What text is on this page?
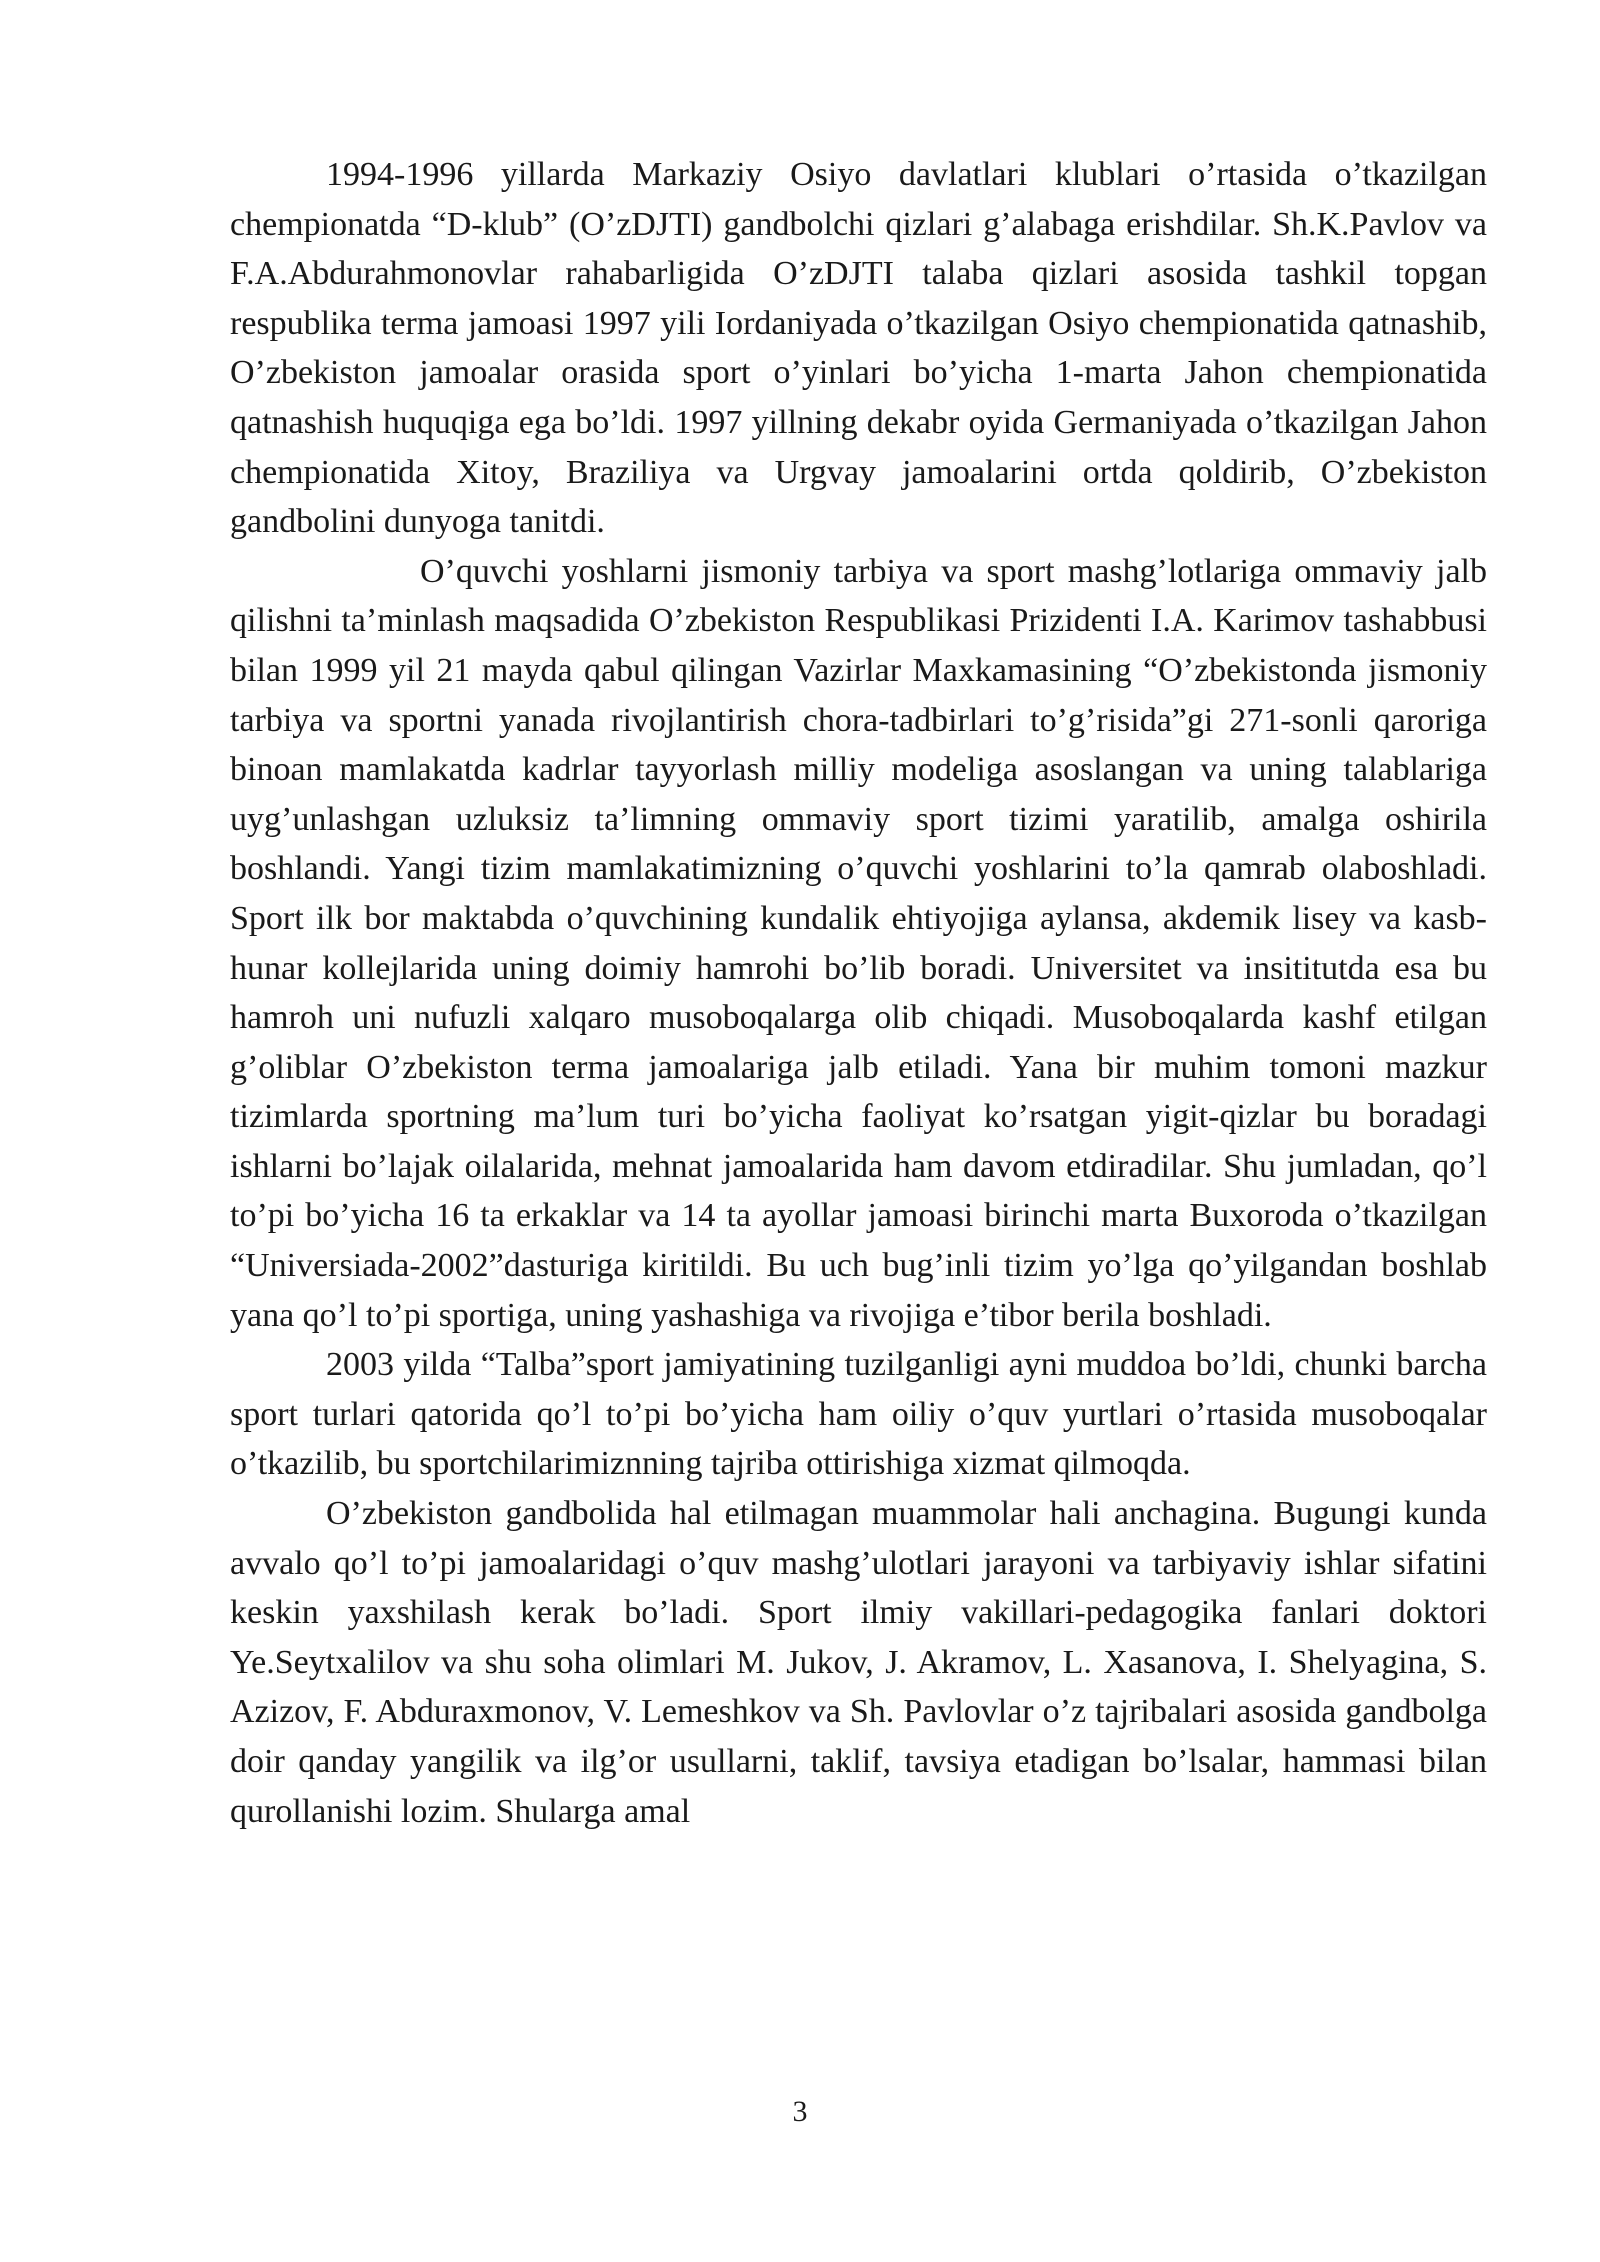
1994-1996 yillarda Markaziy Osiyo davlatlari klublari o’rtasida o’tkazilgan chempionatda “D-klub” (O’zDJTI) gandbolchi qizlari g’alabaga erishdilar. Sh.K.Pavlov va F.A.Abdurahmonovlar rahabarligida O’zDJTI talaba qizlari asosida tashkil topgan respublika terma jamoasi 1997 yili Iordaniyada o’tkazilgan Osiyo chempionatida qatnashib, O’zbekiston jamoalar orasida sport o’yinlari bo’yicha 1-marta Jahon chempionatida qatnashish huquqiga ega bo’ldi. 1997 yillning dekabr oyida Germaniyada o’tkazilgan Jahon chempionatida Xitoy, Braziliya va Urgvay jamoalarini ortda qoldirib, O’zbekiston gandbolini dunyoga tanitdi.

O’quvchi yoshlarni jismoniy tarbiya va sport mashg’lotlariga ommaviy jalb qilishni ta’minlash maqsadida O’zbekiston Respublikasi Prizidenti I.A. Karimov tashabbusi bilan 1999 yil 21 mayda qabul qilingan Vazirlar Maxkamasining “O’zbekistonda jismoniy tarbiya va sportni yanada rivojlantirish chora-tadbirlari to’g’risida”gi 271-sonli qaroriga binoan mamlakatda kadrlar tayyorlash milliy modeliga asoslangan va uning talablariga uyg’unlashgan uzluksiz ta’limning ommaviy sport tizimi yaratilib, amalga oshirila boshlandi. Yangi tizim mamlakatimizning o’quvchi yoshlarini to’la qamrab olaboshladi. Sport ilk bor maktabda o’quvchining kundalik ehtiyojiga aylansa, akdemik lisey va kasb-hunar kollejlarida uning doimiy hamrohi bo’lib boradi. Universitet va insititutda esa bu hamroh uni nufuzli xalqaro musoboqalarga olib chiqadi. Musoboqalarda kashf etilgan g’oliblar O’zbekiston terma jamoalariga jalb etiladi. Yana bir muhim tomoni mazkur tizimlarda sportning ma’lum turi bo’yicha faoliyat ko’rsatgan yigit-qizlar bu boradagi ishlarni bo’lajak oilalarida, mehnat jamoalarida ham davom etdiradilar. Shu jumladan, qo’l to’pi bo’yicha 16 ta erkaklar va 14 ta ayollar jamoasi birinchi marta Buxoroda o’tkazilgan “Universiada-2002”dasturiga kiritildi. Bu uch bug’inli tizim yo’lga qo’yilgandan boshlab yana qo’l to’pi sportiga, uning yashashiga va rivojiga e’tibor berila boshladi.

2003 yilda “Talba”sport jamiyatining tuzilganligi ayni muddoa bo’ldi, chunki barcha sport turlari qatorida qo’l to’pi bo’yicha ham oiliy o’quv yurtlari o’rtasida musoboqalar o’tkazilib, bu sportchilarimiznning tajriba ottirishiga xizmat qilmoqda.

O’zbekiston gandbolida hal etilmagan muammolar hali anchagina. Bugungi kunda avvalo qo’l to’pi jamoalaridagi o’quv mashg’ulotlari jarayoni va tarbiyaviy ishlar sifatini keskin yaxshilash kerak bo’ladi. Sport ilmiy vakillari-pedagogika fanlari doktori Ye.Seytxalilov va shu soһa olimlari M. Jukov, J. Akramov, L. Xasanova, I. Shelyagina, S. Azizov, F. Abduraxmonov, V. Lemeshkov va Sh. Pavlovlar o’z tajribalari asosida gandbolga doir qanday yangilik va ilg’or usullarni, taklif, tavsiya etadigan bo’lsalar, hammasi bilan qurollanishi lozim. Shularga amal

3
